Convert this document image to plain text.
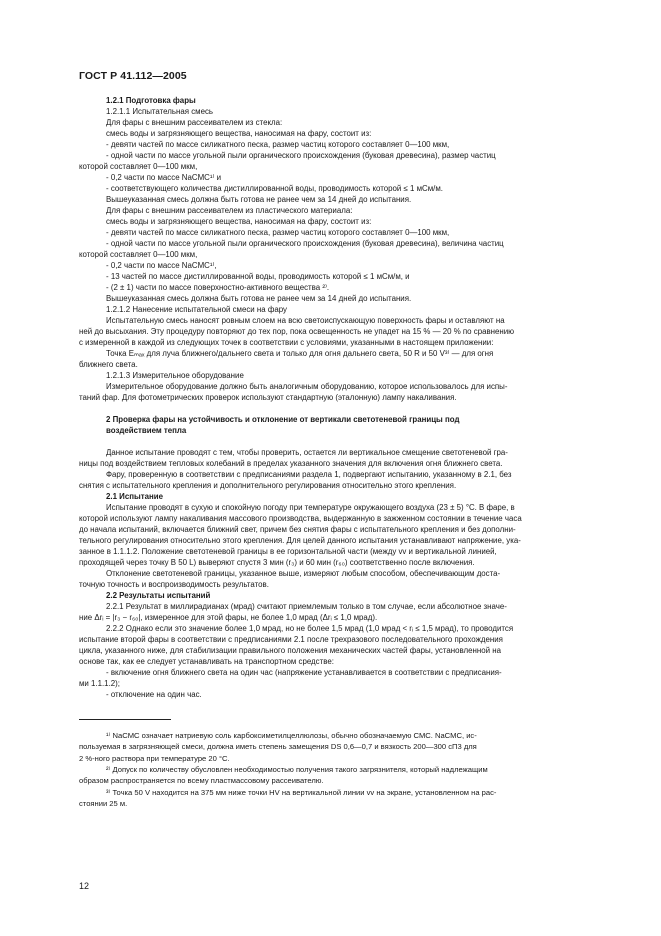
ГОСТ Р 41.112—2005
1.2.1 Подготовка фары
1.2.1.1 Испытательная смесь
Для фары с внешним рассеивателем из стекла:
смесь воды и загрязняющего вещества, наносимая на фару, состоит из:
- девяти частей по массе силикатного песка, размер частиц которого составляет 0—100 мкм,
- одной части по массе угольной пыли органического происхождения (буковая древесина), размер частиц
которой составляет 0—100 мкм,
- 0,2 части по массе NaCMC¹⁾ и
- соответствующего количества дистиллированной воды, проводимость которой ≤ 1 мСм/м.
Вышеуказанная смесь должна быть готова не ранее чем за 14 дней до испытания.
Для фары с внешним рассеивателем из пластического материала:
смесь воды и загрязняющего вещества, наносимая на фару, состоит из:
- девяти частей по массе силикатного песка, размер частиц которого составляет 0—100 мкм,
- одной части по массе угольной пыли органического происхождения (буковая древесина), величина частиц
которой составляет 0—100 мкм,
- 0,2 части по массе NaCMC¹⁾,
- 13 частей по массе дистиллированной воды, проводимость которой ≤ 1 мСм/м, и
- (2 ± 1) части по массе поверхностно-активного вещества ²⁾.
Вышеуказанная смесь должна быть готова не ранее чем за 14 дней до испытания.
1.2.1.2 Нанесение испытательной смеси на фару
Испытательную смесь наносят ровным слоем на всю светоиспускающую поверхность фары и оставляют на
ней до высыхания. Эту процедуру повторяют до тех пор, пока освещенность не упадет на 15 % — 20 % по сравнению
с измеренной в каждой из следующих точек в соответствии с условиями, указанными в настоящем приложении:
Точка Eₘₐₓ для луча ближнего/дальнего света и только для огня дальнего света, 50 R и 50 V³⁾ — для огня
ближнего света.
1.2.1.3 Измерительное оборудование
Измерительное оборудование должно быть аналогичным оборудованию, которое использовалось для испы-
таний фар. Для фотометрических проверок используют стандартную (эталонную) лампу накаливания.
2 Проверка фары на устойчивость и отклонение от вертикали светотеневой границы под
воздействием тепла
Данное испытание проводят с тем, чтобы проверить, остается ли вертикальное смещение светотеневой гра-
ницы под воздействием тепловых колебаний в пределах указанного значения для включения огня ближнего света.
Фару, проверенную в соответствии с предписаниями раздела 1, подвергают испытанию, указанному в 2.1, без
снятия с испытательного крепления и дополнительного регулирования относительно этого крепления.
2.1 Испытание
Испытание проводят в сухую и спокойную погоду при температуре окружающего воздуха (23 ± 5) °C. В фаре, в
которой используют лампу накаливания массового производства, выдержанную в зажженном состоянии в течение часа
до начала испытаний, включается ближний свет, причем без снятия фары с испытательного крепления и без дополни-
тельного регулирования относительно этого крепления. Для целей данного испытания устанавливают напряжение, ука-
занное в 1.1.1.2. Положение светотеневой границы в ее горизонтальной части (между vv и вертикальной линией,
проходящей через точку B 50 L) выверяют спустя 3 мин (r₃) и 60 мин (r₆₀) соответственно после включения.
Отклонение светотеневой границы, указанное выше, измеряют любым способом, обеспечивающим доста-
точную точность и воспроизводимость результатов.
2.2 Результаты испытаний
2.2.1 Результат в миллирадианах (мрад) считают приемлемым только в том случае, если абсолютное значе-
ние Δrᵢ = |r₃ − r₆₀|, измеренное для этой фары, не более 1,0 мрад (Δrᵢ ≤ 1,0 мрад).
2.2.2 Однако если это значение более 1,0 мрад, но не более 1,5 мрад (1,0 мрад < rᵢ ≤ 1,5 мрад), то проводится
испытание второй фары в соответствии с предписаниями 2.1 после трехразового последовательного прохождения
цикла, указанного ниже, для стабилизации правильного положения механических частей фары, установленной на
основе так, как ее следует устанавливать на транспортном средстве:
- включение огня ближнего света на один час (напряжение устанавливается в соответствии с предписания-
ми 1.1.1.2);
- отключение на один час.
¹⁾ NaCMC означает натриевую соль карбоксиметилцеллюлозы, обычно обозначаемую СМС. NaCMC, ис-
пользуемая в загрязняющей смеси, должна иметь степень замещения DS 0,6—0,7 и вязкость 200—300 сП3 для
2 %-ного раствора при температуре 20 °C.
²⁾ Допуск по количеству обусловлен необходимостью получения такого загрязнителя, который надлежащим
образом распространяется по всему пластмассовому рассеивателю.
³⁾ Точка 50 V находится на 375 мм ниже точки HV на вертикальной линии vv на экране, установленном на рас-
стоянии 25 м.
12
